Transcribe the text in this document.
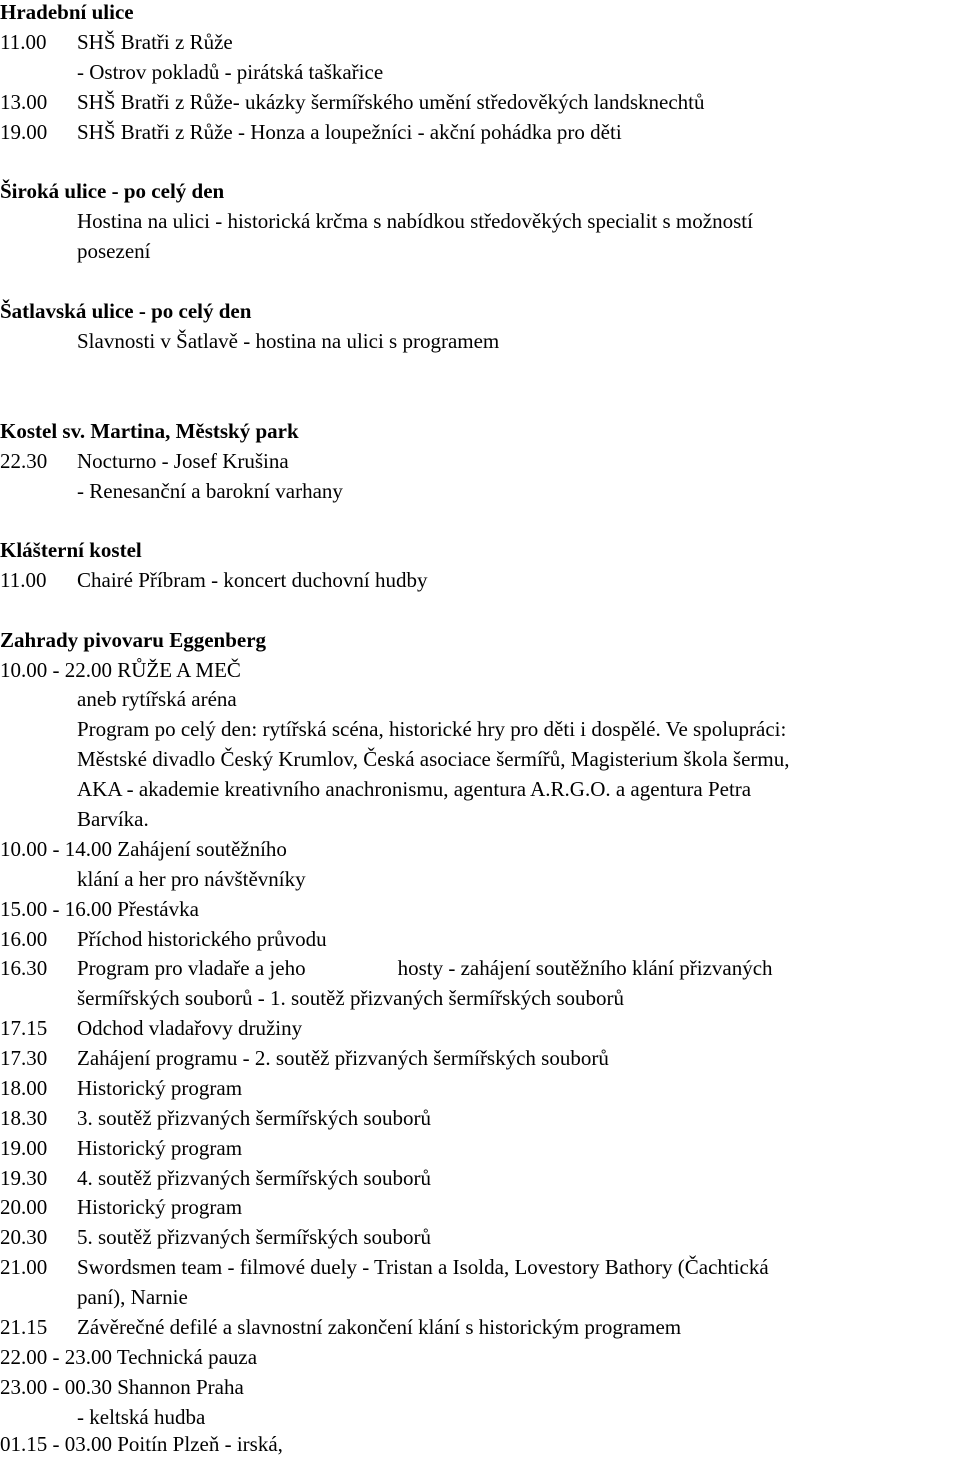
Hradební ulice
11.00 SHŠ Bratři z Růže
- Ostrov pokladů - pirátská taškařice
13.00 SHŠ Bratři z Růže- ukázky šermířského umění středověkých landsknechtů
19.00 SHŠ Bratři z Růže - Honza a loupežníci - akční pohádka pro děti
Široká ulice - po celý den
Hostina na ulici - historická krčma s nabídkou středověkých specialit s možností
posezení
Šatlavská ulice - po celý den
Slavnosti v Šatlavě - hostina na ulici s programem
Kostel sv. Martina, Městský park
22.30 Nocturno - Josef Krušina
- Renesanční a barokní varhany
Klášterní kostel
11.00 Chairé Příbram - koncert duchovní hudby
Zahrady pivovaru Eggenberg
10.00 - 22.00 RŮŽE A MEČ
aneb rytířská aréna
Program po celý den: rytířská scéna, historické hry pro děti i dospělé. Ve spolupráci:
Městské divadlo Český Krumlov, Česká asociace šermířů, Magisterium škola šermu,
AKA - akademie kreativního anachronismu, agentura A.R.G.O. a agentura Petra
Barvíka.
10.00 - 14.00 Zahájení soutěžního
klání a her pro návštěvníky
15.00 - 16.00 Přestávka
16.00 Příchod historického průvodu
16.30 Program pro vladaře a jeho	hosty - zahájení soutěžního klání přizvaných
šermířských souborů - 1. soutěž přizvaných šermířských souborů
17.15 Odchod vladařovy družiny
17.30 Zahájení programu - 2. soutěž přizvaných šermířských souborů
18.00 Historický program
18.30 3. soutěž přizvaných šermířských souborů
19.00 Historický program
19.30 4. soutěž přizvaných šermířských souborů
20.00 Historický program
20.30 5. soutěž přizvaných šermířských souborů
21.00 Swordsmen team - filmové duely - Tristan a Isolda, Lovestory Bathory (Čachtická
paní), Narnie
21.15 Závěrečné defilé a slavnostní zakončení klání s historickým programem
22.00 - 23.00 Technická pauza
23.00 - 00.30 Shannon Praha
- keltská hudba
01.15 - 03.00 Poitín Plzeň - irská,
